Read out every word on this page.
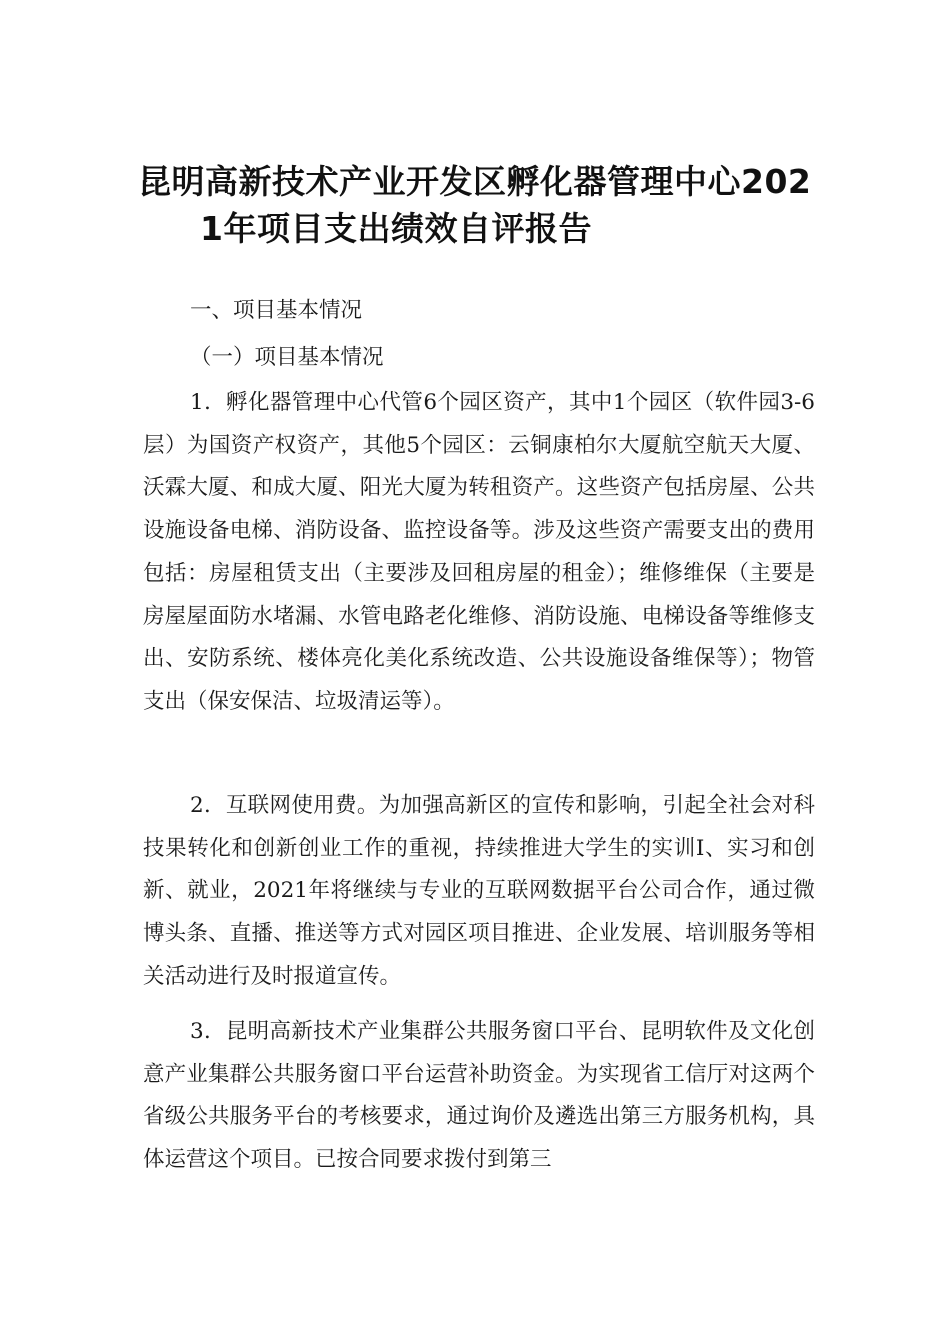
昆明高新技术产业开发区孵化器管理中心202
1年项目支出绩效自评报告
一、项目基本情况
（一）项目基本情况
1．孵化器管理中心代管6个园区资产，其中1个园区（软件园3-6层）为国资产权资产，其他5个园区：云铜康柏尔大厦航空航天大厦、沃霖大厦、和成大厦、阳光大厦为转租资产。这些资产包括房屋、公共设施设备电梯、消防设备、监控设备等。涉及这些资产需要支出的费用包括：房屋租赁支出（主要涉及回租房屋的租金）；维修维保（主要是房屋屋面防水堵漏、水管电路老化维修、消防设施、电梯设备等维修支出、安防系统、楼体亮化美化系统改造、公共设施设备维保等）；物管支出（保安保洁、垃圾清运等）。
2．互联网使用费。为加强高新区的宣传和影响，引起全社会对科技果转化和创新创业工作的重视，持续推进大学生的实训I、实习和创新、就业，2021年将继续与专业的互联网数据平台公司合作，通过微博头条、直播、推送等方式对园区项目推进、企业发展、培训服务等相关活动进行及时报道宣传。
3．昆明高新技术产业集群公共服务窗口平台、昆明软件及文化创意产业集群公共服务窗口平台运营补助资金。为实现省工信厅对这两个省级公共服务平台的考核要求，通过询价及遴选出第三方服务机构，具体运营这个项目。已按合同要求拨付到第三
